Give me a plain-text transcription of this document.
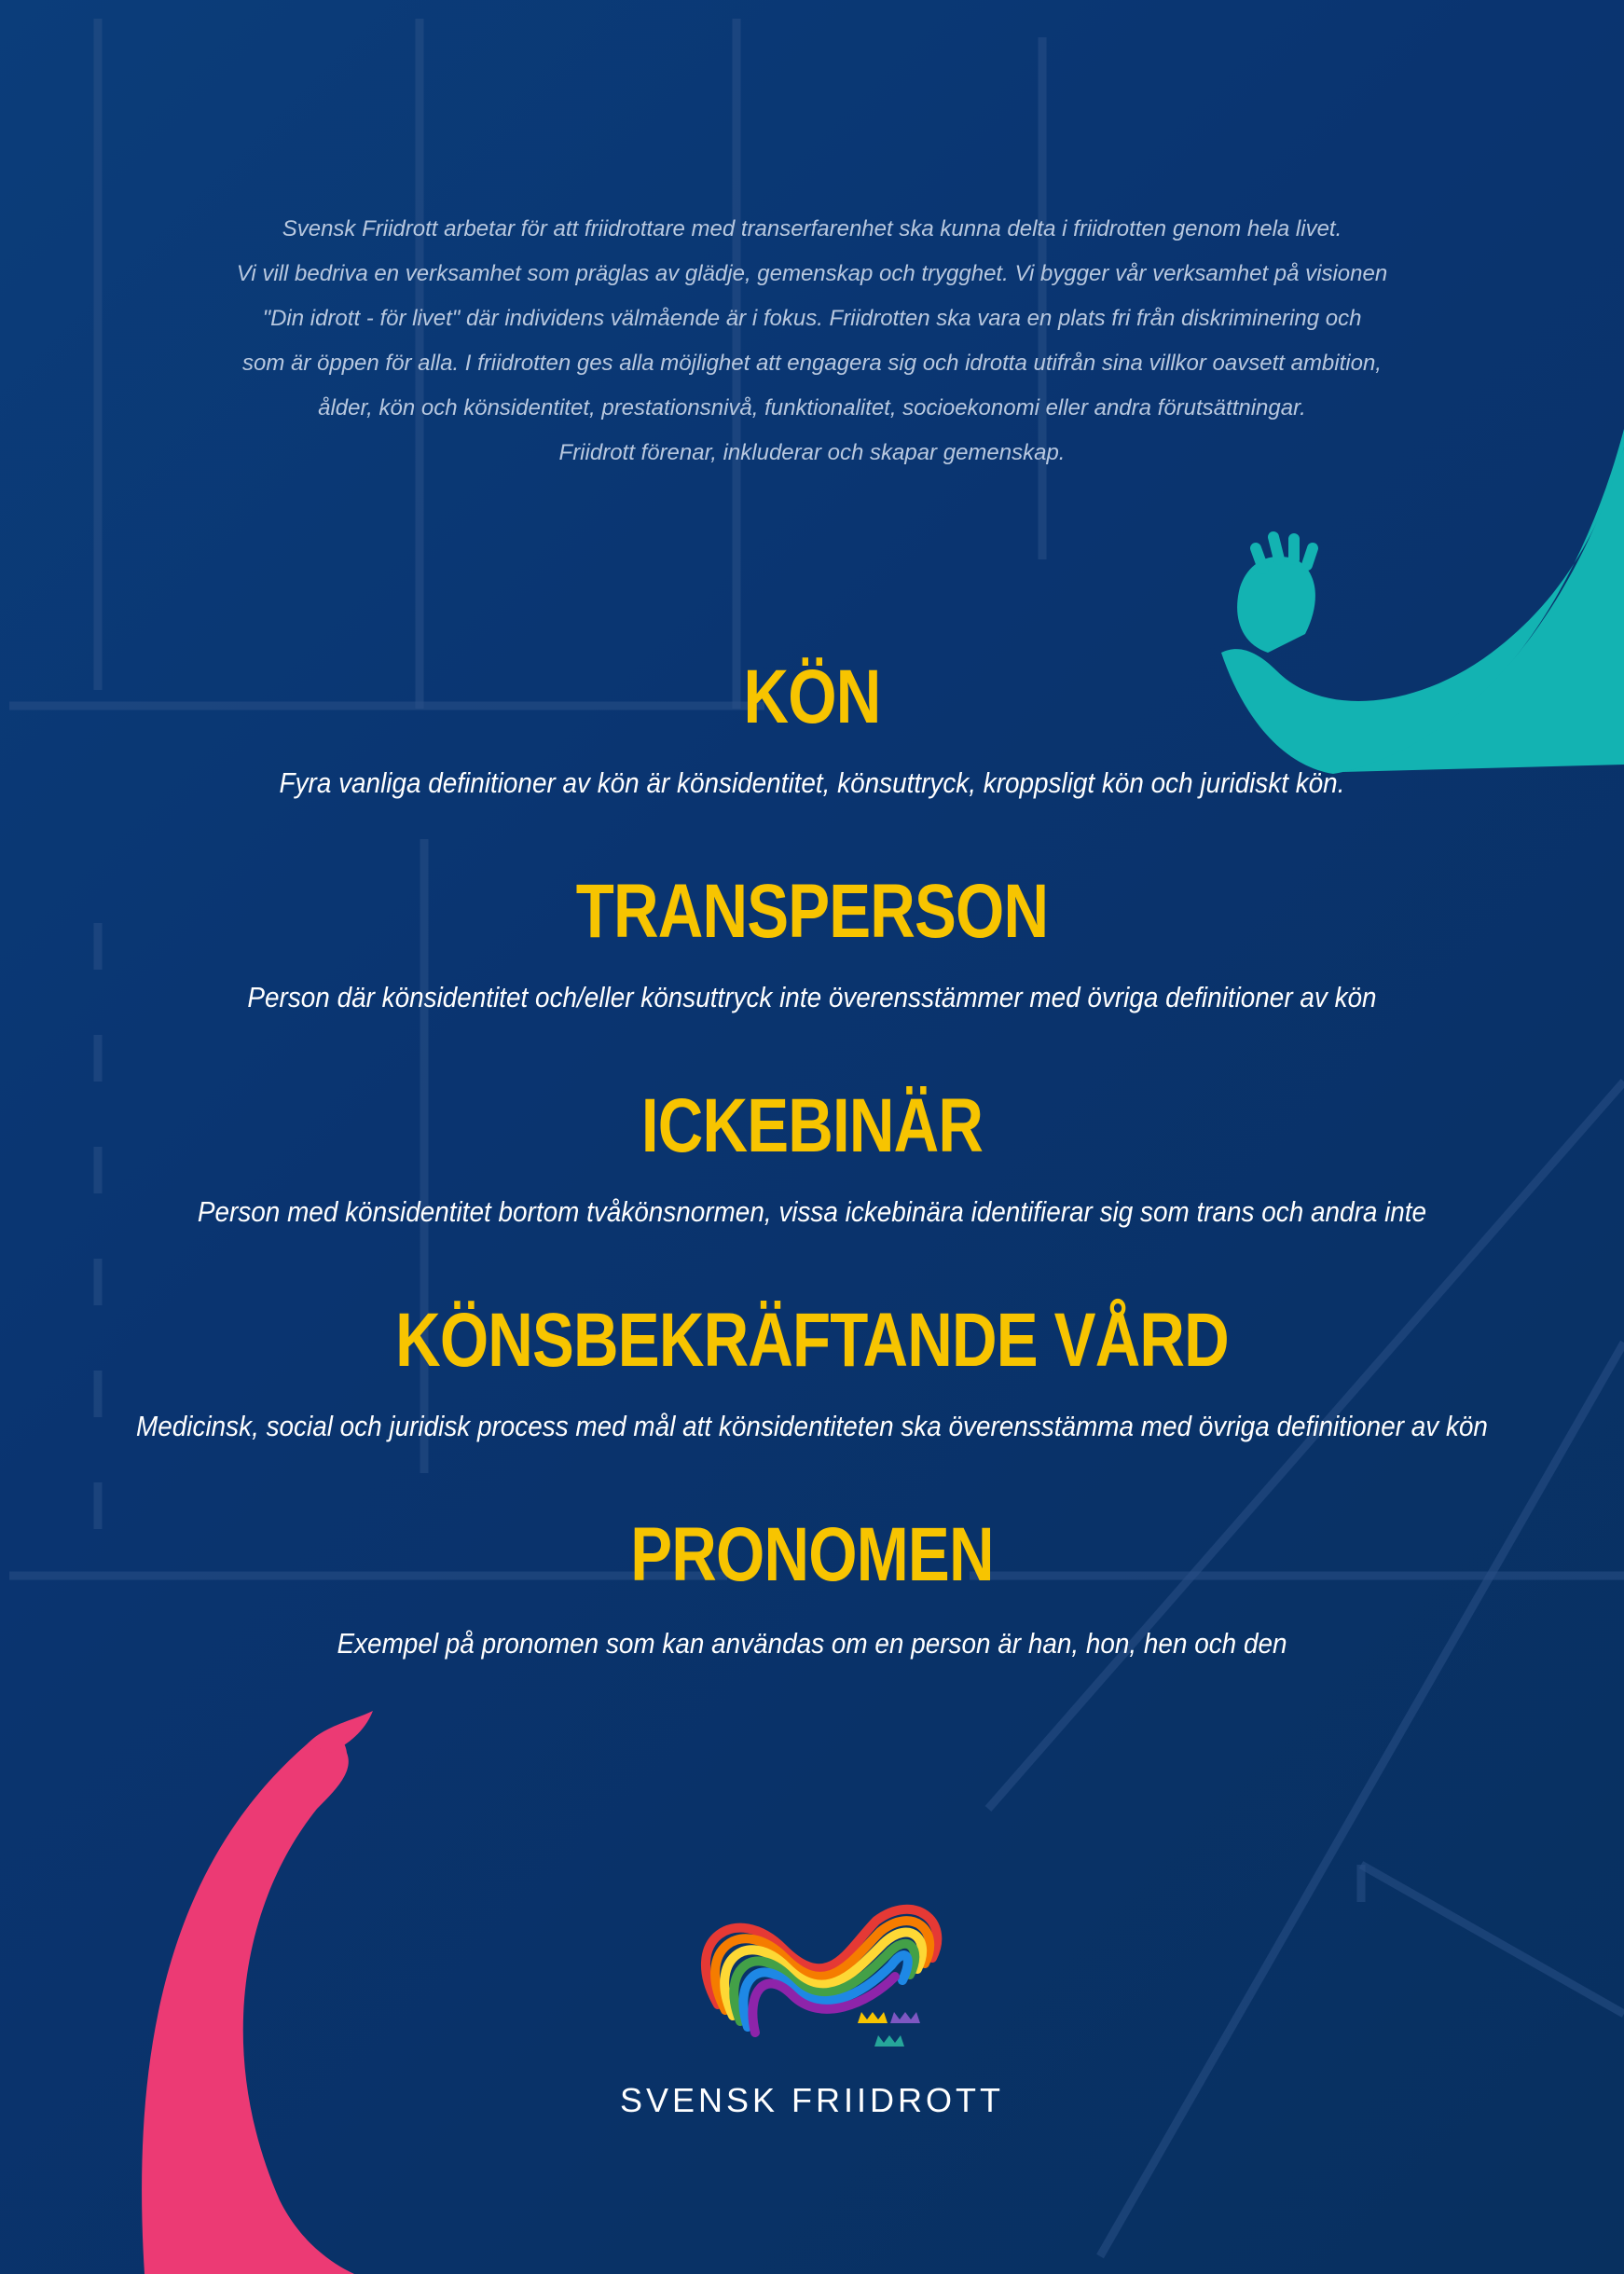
Svensk Friidrott arbetar för att friidrottare med transerfarenhet ska kunna delta i friidrotten genom hela livet.

Vi vill bedriva en verksamhet som präglas av glädje, gemenskap och trygghet. Vi bygger vår verksamhet på visionen

"Din idrott - för livet" där individens välmående är i fokus. Friidrotten ska vara en plats fri från diskriminering och

som är öppen för alla. I friidrotten ges alla möjlighet att engagera sig och idrotta utifrån sina villkor oavsett ambition,

ålder, kön och könsidentitet, prestationsnivå, funktionalitet, socioekonomi eller andra förutsättningar.

Friidrott förenar, inkluderar och skapar gemenskap.

KÖN
Fyra vanliga definitioner av kön är könsidentitet, könsuttryck, kroppsligt kön och juridiskt kön.
TRANSPERSON
Person där könsidentitet och/eller könsuttryck inte överensstämmer med övriga definitioner av kön
ICKEBINÄR
Person med könsidentitet bortom tvåkönsnormen, vissa ickebinära identifierar sig som trans och andra inte
KÖNSBEKRÄFTANDE VÅRD
Medicinsk, social och juridisk process med mål att könsidentiteten ska överensstämma med övriga definitioner av kön
PRONOMEN
Exempel på pronomen som kan användas om en person är han, hon, hen och den
SVENSK FRIIDROTT
